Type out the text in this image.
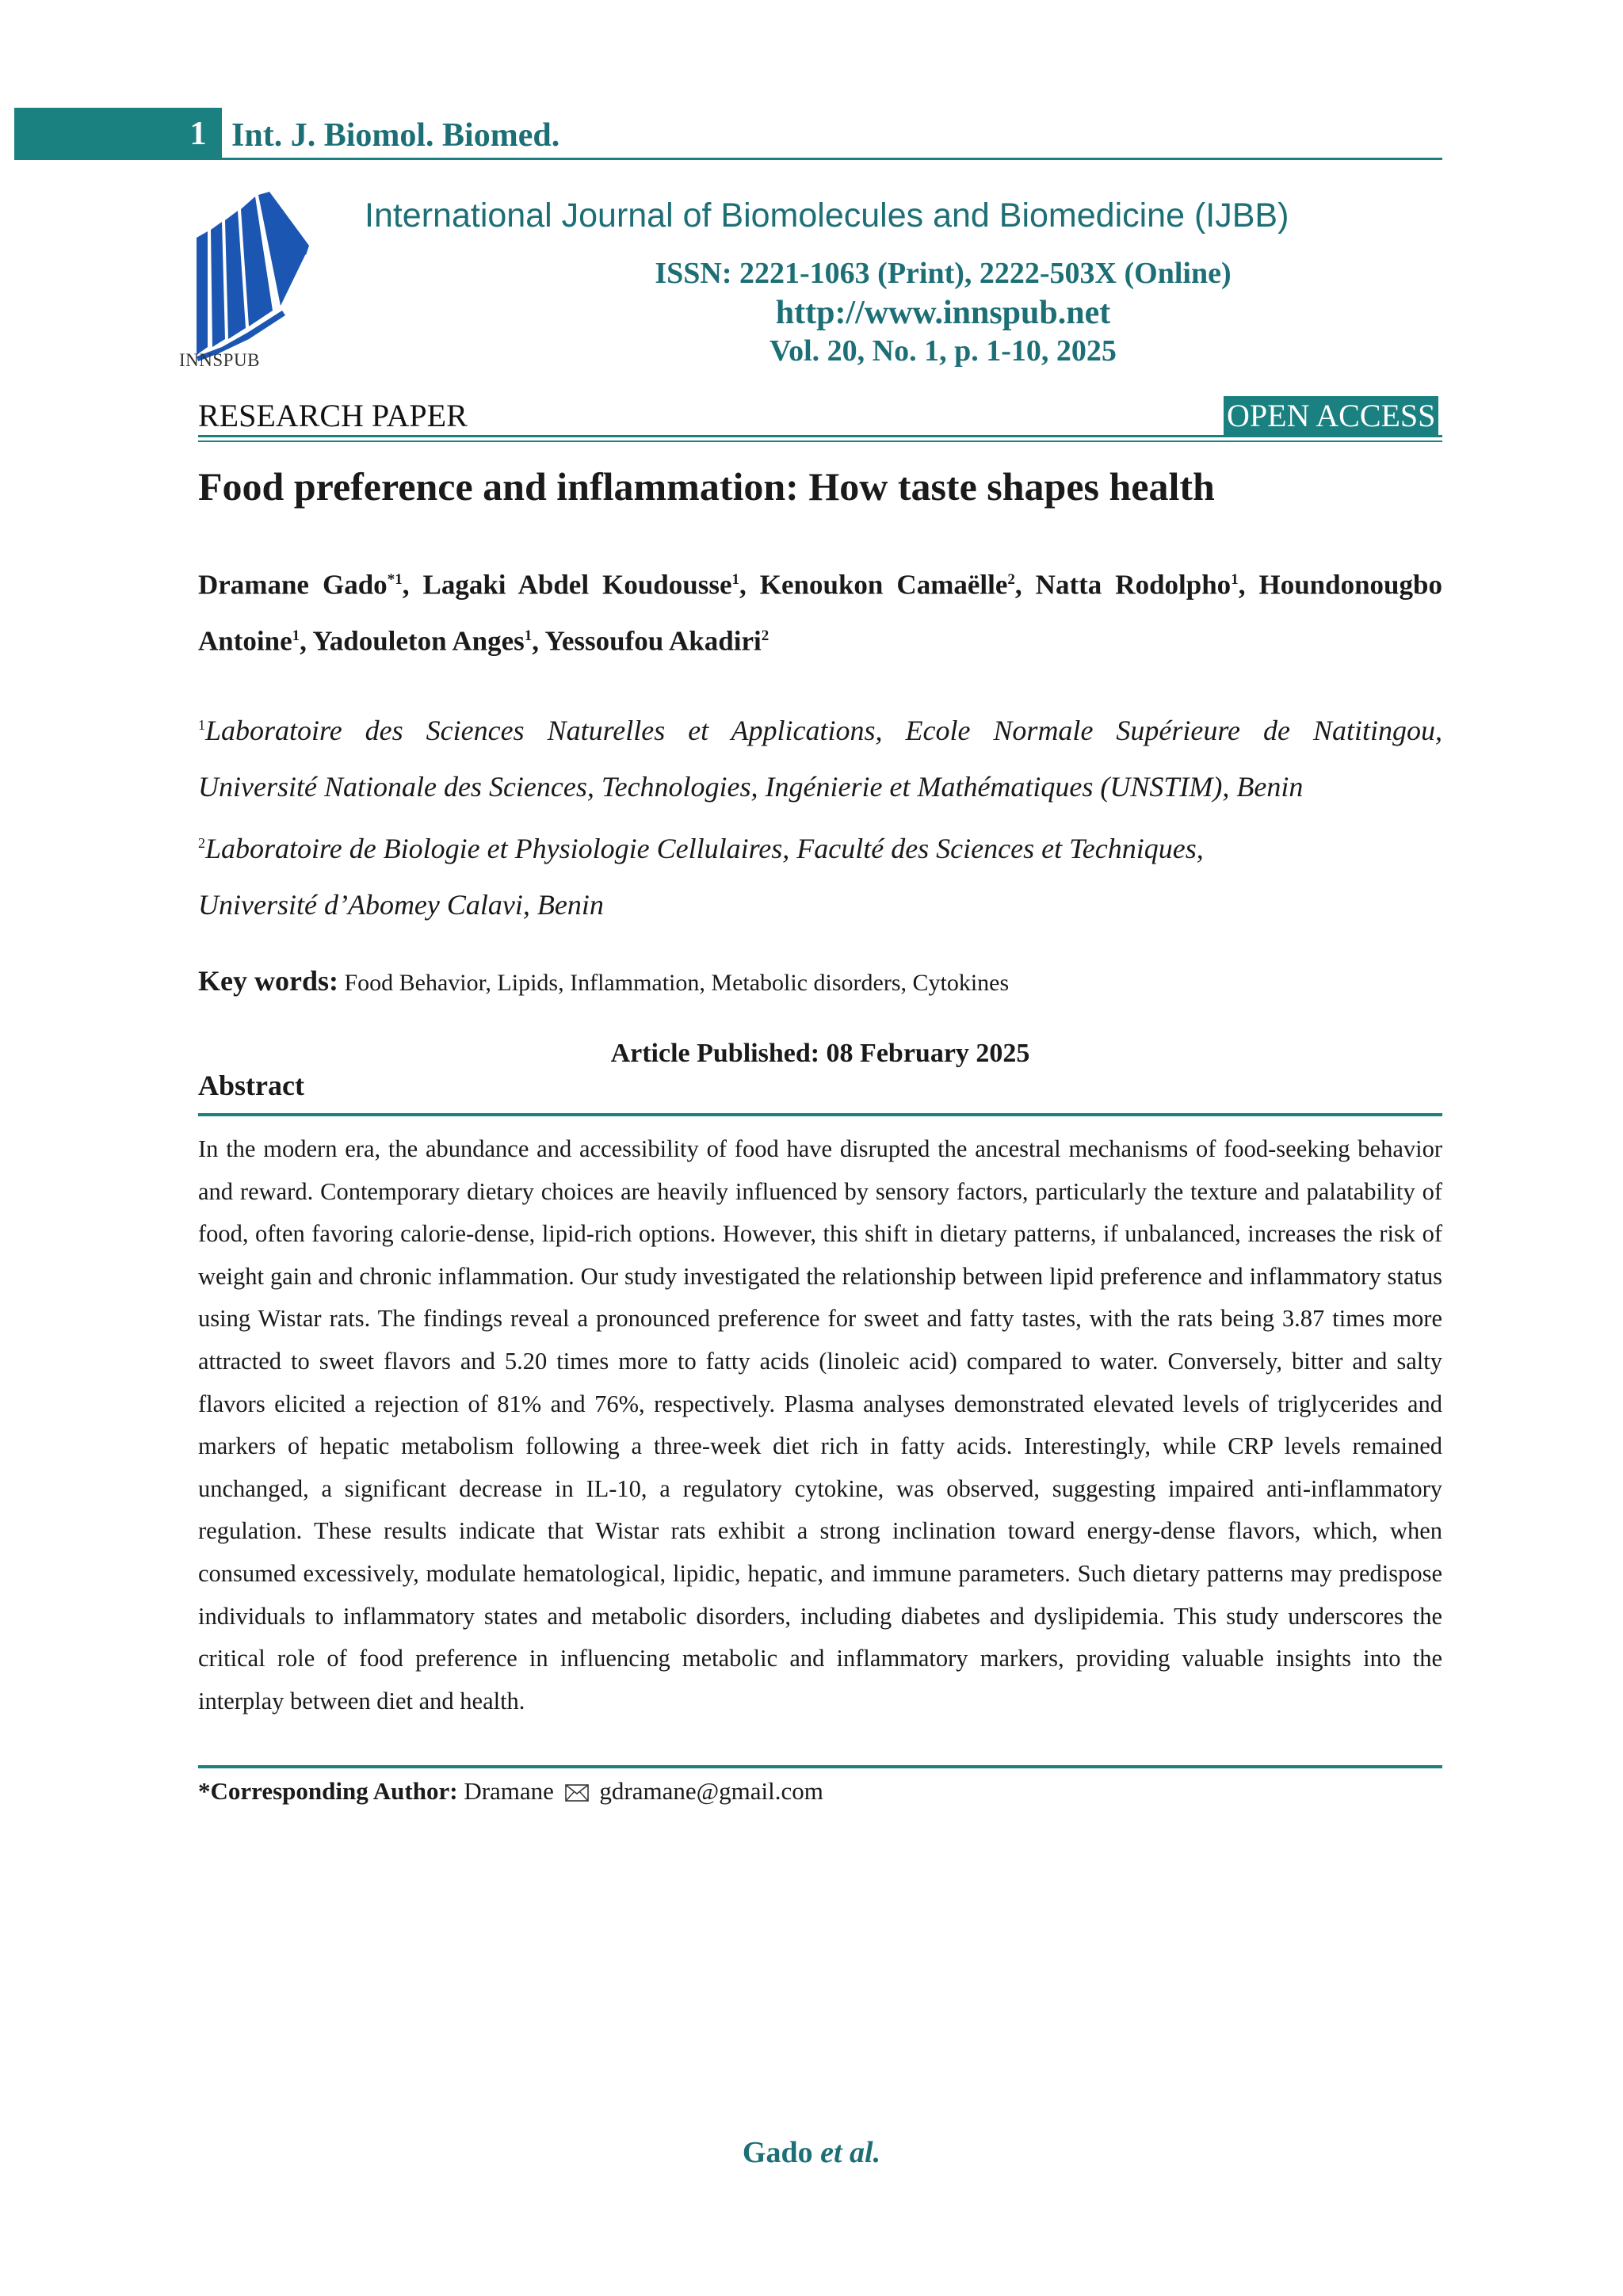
1 Int. J. Biomol. Biomed.
INNSPUB
International Journal of Biomolecules and Biomedicine (IJBB)
ISSN: 2221-1063 (Print), 2222-503X (Online)
http://www.innspub.net
Vol. 20, No. 1, p. 1-10, 2025
RESEARCH PAPER	OPEN ACCESS
Food preference and inflammation: How taste shapes health
Dramane Gado$^{*1}$, Lagaki Abdel Koudousse$^1$, Kenoukon Camaëlle$^2$, Natta Rodolpho$^1$, Houndonougbo Antoine$^1$, Yadouleton Anges$^1$, Yessoufou Akadiri$^2$

$^1$Laboratoire des Sciences Naturelles et Applications, Ecole Normale Supérieure de Natitingou,

Université Nationale des Sciences, Technologies, Ingénierie et Mathématiques (UNSTIM), Benin

$^2$Laboratoire de Biologie et Physiologie Cellulaires, Faculté des Sciences et Techniques,

Université d’Abomey Calavi, Benin

Key words: Food Behavior, Lipids, Inflammation, Metabolic disorders, Cytokines
Article Published: 08 February 2025
Abstract

In the modern era, the abundance and accessibility of food have disrupted the ancestral mechanisms of food-seeking behavior and reward. Contemporary dietary choices are heavily influenced by sensory factors, particularly the texture and palatability of food, often favoring calorie-dense, lipid-rich options. However, this shift in dietary patterns, if unbalanced, increases the risk of weight gain and chronic inflammation. Our study investigated the relationship between lipid preference and inflammatory status using Wistar rats. The findings reveal a pronounced preference for sweet and fatty tastes, with the rats being 3.87 times more attracted to sweet flavors and 5.20 times more to fatty acids (linoleic acid) compared to water. Conversely, bitter and salty flavors elicited a rejection of 81% and 76%, respectively. Plasma analyses demonstrated elevated levels of triglycerides and markers of hepatic metabolism following a three-week diet rich in fatty acids. Interestingly, while CRP levels remained unchanged, a significant decrease in IL-10, a regulatory cytokine, was observed, suggesting impaired anti-inflammatory regulation. These results indicate that Wistar rats exhibit a strong inclination toward energy-dense flavors, which, when consumed excessively, modulate hematological, lipidic, hepatic, and immune parameters. Such dietary patterns may predispose individuals to inflammatory states and metabolic disorders, including diabetes and dyslipidemia. This study underscores the critical role of food preference in influencing metabolic and inflammatory markers, providing valuable insights into the interplay between diet and health.

*Corresponding Author: Dramane gdramane@gmail.com
Gado et al.
